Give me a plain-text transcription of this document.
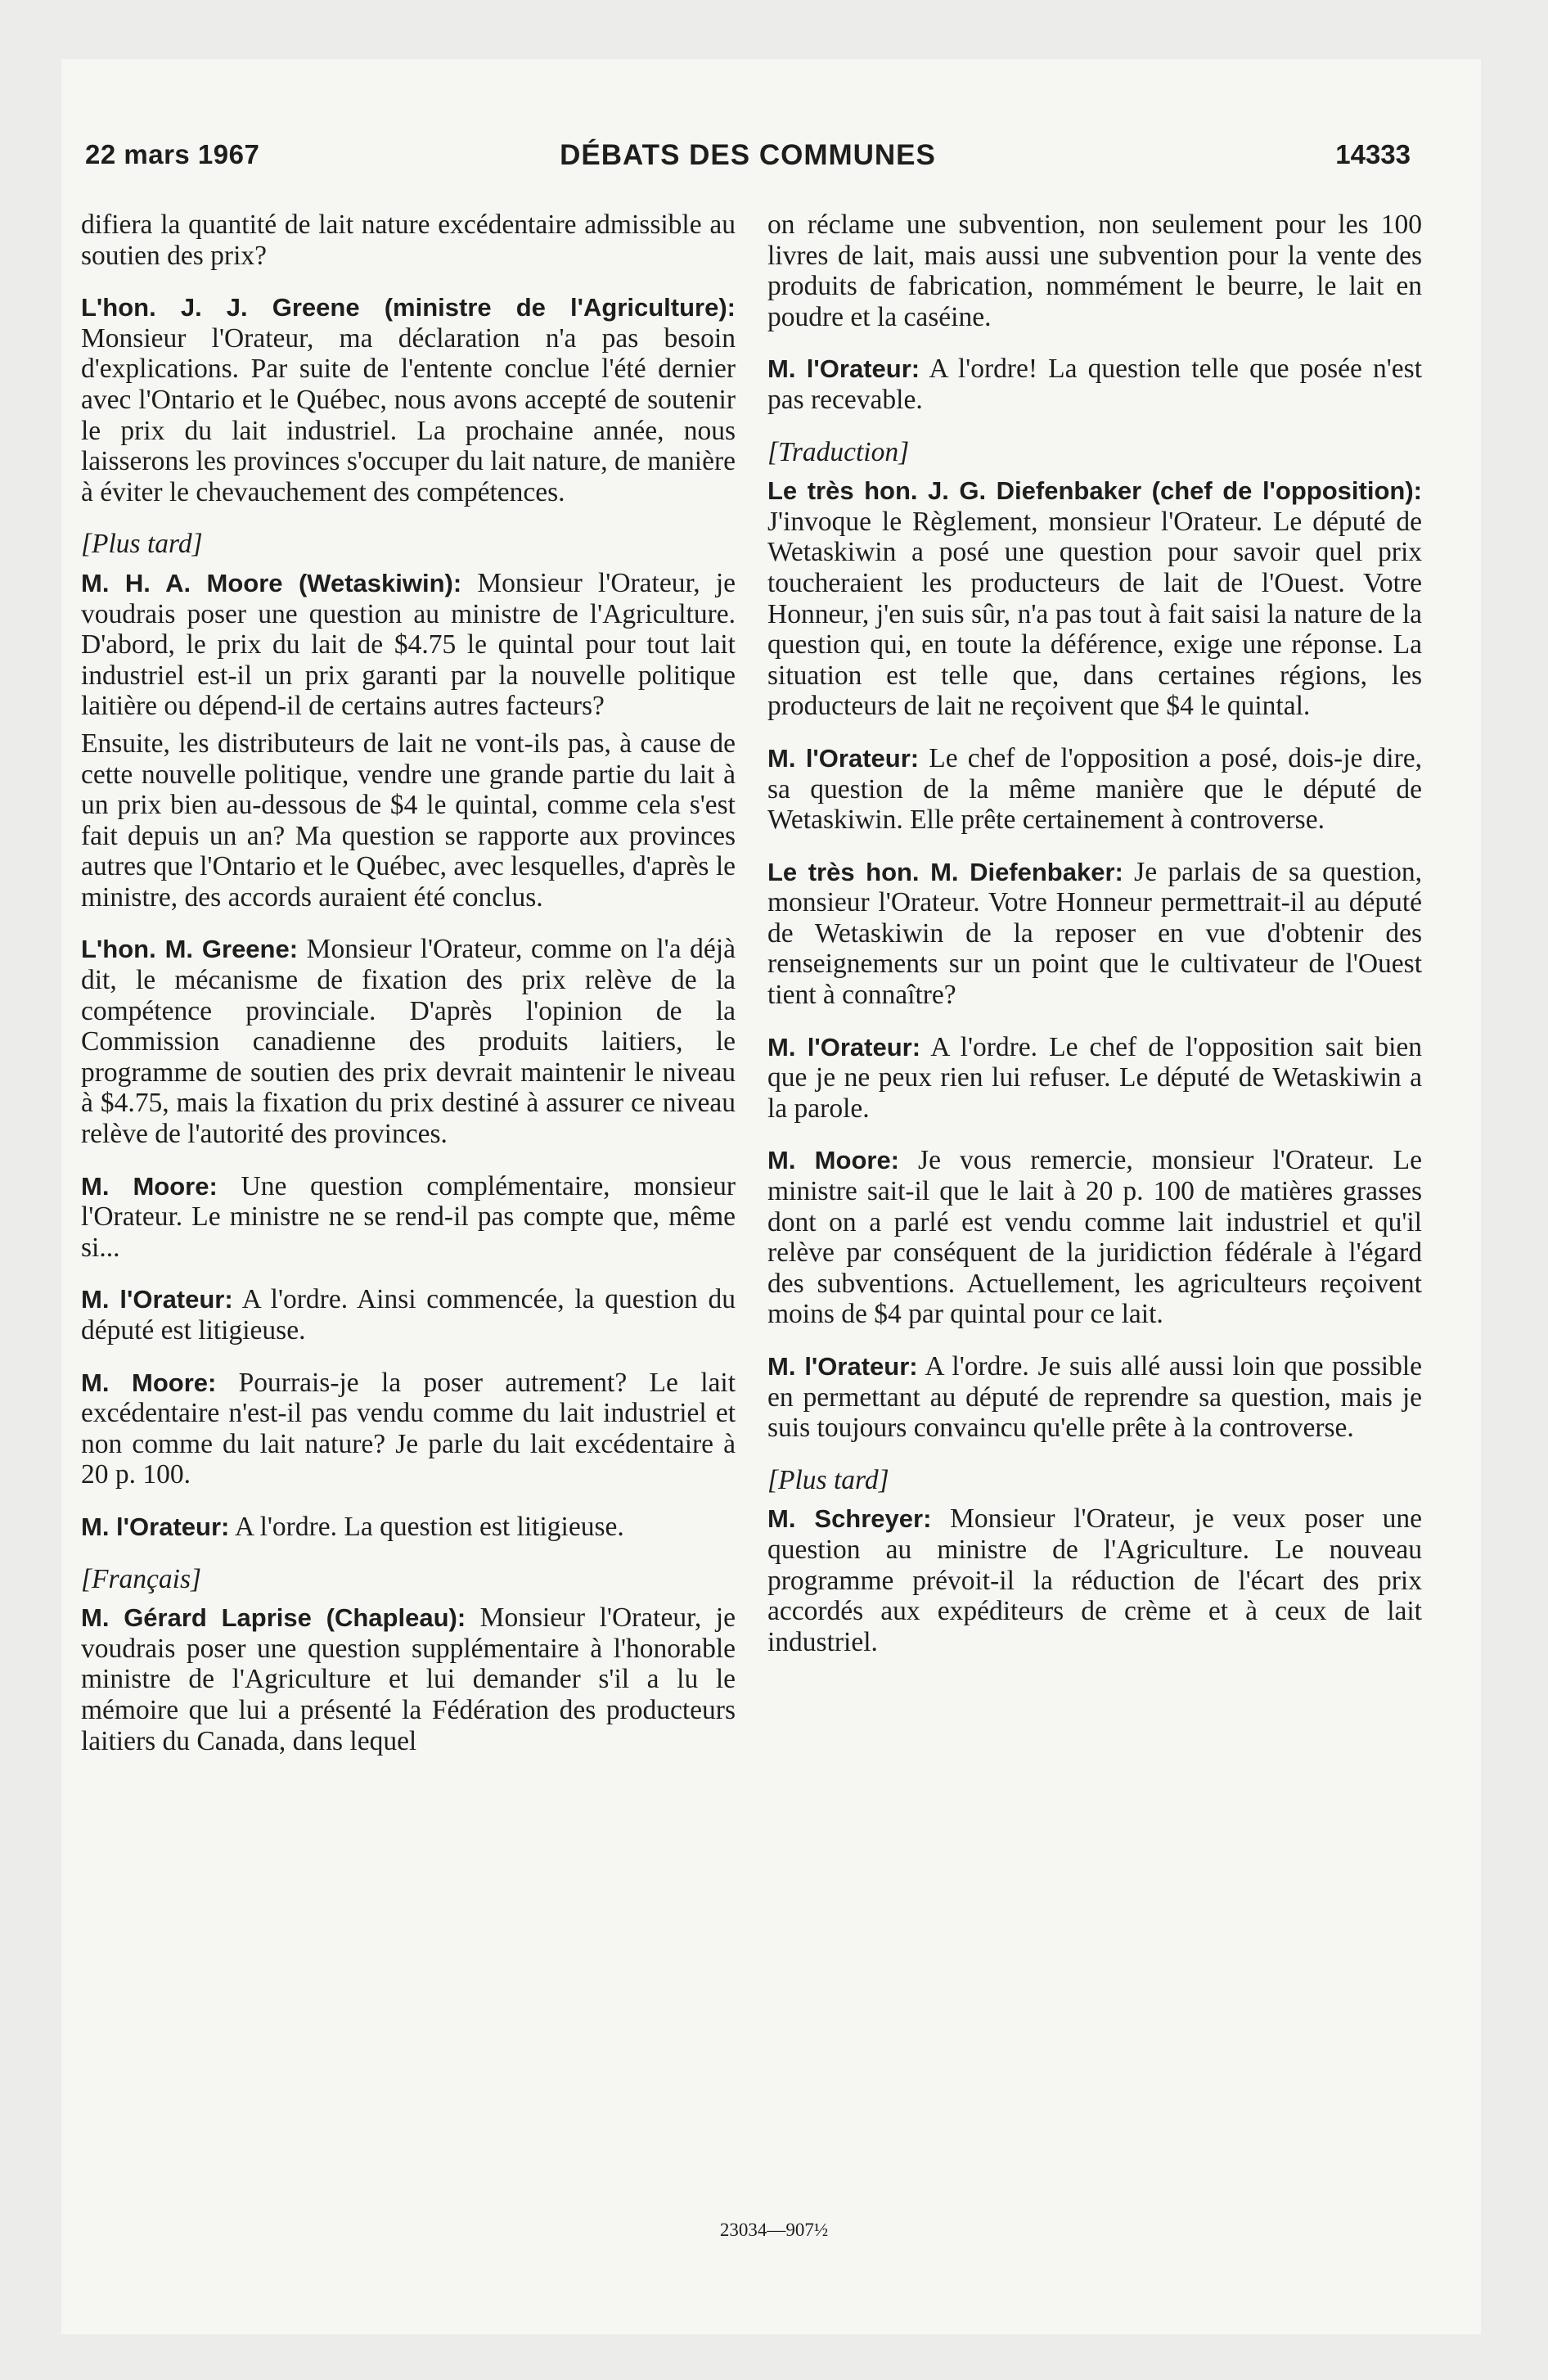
22 mars 1967	DÉBATS DES COMMUNES	14333

difiera la quantité de lait nature excédentaire admissible au soutien des prix?

L'hon. J. J. Greene (ministre de l'Agriculture): Monsieur l'Orateur, ma déclaration n'a pas besoin d'explications. Par suite de l'entente conclue l'été dernier avec l'Ontario et le Québec, nous avons accepté de soutenir le prix du lait industriel. La prochaine année, nous laisserons les provinces s'occuper du lait nature, de manière à éviter le chevauchement des compétences.

[Plus tard]

M. H. A. Moore (Wetaskiwin): Monsieur l'Orateur, je voudrais poser une question au ministre de l'Agriculture. D'abord, le prix du lait de $4.75 le quintal pour tout lait industriel est-il un prix garanti par la nouvelle politique laitière ou dépend-il de certains autres facteurs?

Ensuite, les distributeurs de lait ne vont-ils pas, à cause de cette nouvelle politique, vendre une grande partie du lait à un prix bien au-dessous de $4 le quintal, comme cela s'est fait depuis un an? Ma question se rapporte aux provinces autres que l'Ontario et le Québec, avec lesquelles, d'après le ministre, des accords auraient été conclus.

L'hon. M. Greene: Monsieur l'Orateur, comme on l'a déjà dit, le mécanisme de fixation des prix relève de la compétence provinciale. D'après l'opinion de la Commission canadienne des produits laitiers, le programme de soutien des prix devrait maintenir le niveau à $4.75, mais la fixation du prix destiné à assurer ce niveau relève de l'autorité des provinces.

M. Moore: Une question complémentaire, monsieur l'Orateur. Le ministre ne se rend-il pas compte que, même si...

M. l'Orateur: A l'ordre. Ainsi commencée, la question du député est litigieuse.

M. Moore: Pourrais-je la poser autrement? Le lait excédentaire n'est-il pas vendu comme du lait industriel et non comme du lait nature? Je parle du lait excédentaire à 20 p. 100.

M. l'Orateur: A l'ordre. La question est litigieuse.

[Français]

M. Gérard Laprise (Chapleau): Monsieur l'Orateur, je voudrais poser une question supplémentaire à l'honorable ministre de l'Agriculture et lui demander s'il a lu le mémoire que lui a présenté la Fédération des producteurs laitiers du Canada, dans lequel

on réclame une subvention, non seulement pour les 100 livres de lait, mais aussi une subvention pour la vente des produits de fabrication, nommément le beurre, le lait en poudre et la caséine.

M. l'Orateur: A l'ordre! La question telle que posée n'est pas recevable.

[Traduction]

Le très hon. J. G. Diefenbaker (chef de l'opposition): J'invoque le Règlement, monsieur l'Orateur. Le député de Wetaskiwin a posé une question pour savoir quel prix toucheraient les producteurs de lait de l'Ouest. Votre Honneur, j'en suis sûr, n'a pas tout à fait saisi la nature de la question qui, en toute la déférence, exige une réponse. La situation est telle que, dans certaines régions, les producteurs de lait ne reçoivent que $4 le quintal.

M. l'Orateur: Le chef de l'opposition a posé, dois-je dire, sa question de la même manière que le député de Wetaskiwin. Elle prête certainement à controverse.

Le très hon. M. Diefenbaker: Je parlais de sa question, monsieur l'Orateur. Votre Honneur permettrait-il au député de Wetaskiwin de la reposer en vue d'obtenir des renseignements sur un point que le cultivateur de l'Ouest tient à connaître?

M. l'Orateur: A l'ordre. Le chef de l'opposition sait bien que je ne peux rien lui refuser. Le député de Wetaskiwin a la parole.

M. Moore: Je vous remercie, monsieur l'Orateur. Le ministre sait-il que le lait à 20 p. 100 de matières grasses dont on a parlé est vendu comme lait industriel et qu'il relève par conséquent de la juridiction fédérale à l'égard des subventions. Actuellement, les agriculteurs reçoivent moins de $4 par quintal pour ce lait.

M. l'Orateur: A l'ordre. Je suis allé aussi loin que possible en permettant au député de reprendre sa question, mais je suis toujours convaincu qu'elle prête à la controverse.

[Plus tard]

M. Schreyer: Monsieur l'Orateur, je veux poser une question au ministre de l'Agriculture. Le nouveau programme prévoit-il la réduction de l'écart des prix accordés aux expéditeurs de crème et à ceux de lait industriel.

23034—907½
